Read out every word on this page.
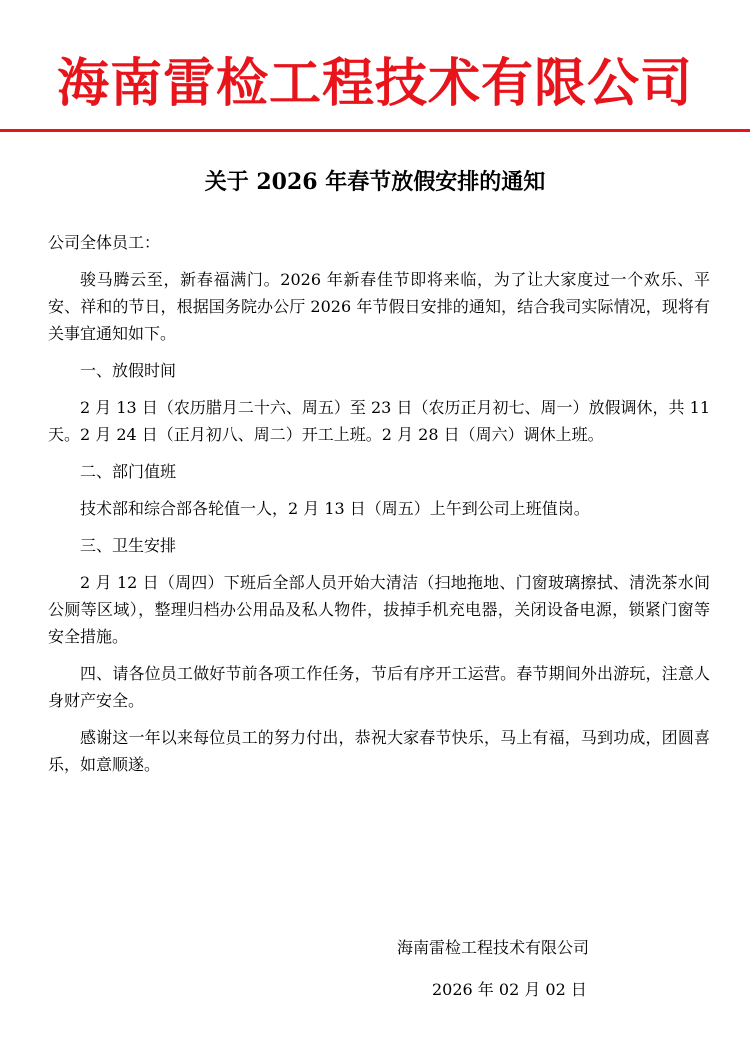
海南雷检工程技术有限公司
关于 2026 年春节放假安排的通知

公司全体员工：

骏马腾云至，新春福满门。2026 年新春佳节即将来临，为了让大家度过一个欢乐、平安、祥和的节日，根据国务院办公厅 2026 年节假日安排的通知，结合我司实际情况，现将有关事宜通知如下。

一、放假时间

2 月 13 日（农历腊月二十六、周五）至 23 日（农历正月初七、周一）放假调休，共 11 天。2 月 24 日（正月初八、周二）开工上班。2 月 28 日（周六）调休上班。

二、部门值班

技术部和综合部各轮值一人，2 月 13 日（周五）上午到公司上班值岗。

三、卫生安排

2 月 12 日（周四）下班后全部人员开始大清洁（扫地拖地、门窗玻璃擦拭、清洗茶水间公厕等区域），整理归档办公用品及私人物件，拔掉手机充电器，关闭设备电源，锁紧门窗等安全措施。

四、请各位员工做好节前各项工作任务，节后有序开工运营。春节期间外出游玩，注意人身财产安全。

感谢这一年以来每位员工的努力付出，恭祝大家春节快乐，马上有福，马到功成，团圆喜乐，如意顺遂。

海南雷检工程技术有限公司
2026 年 02 月 02 日
